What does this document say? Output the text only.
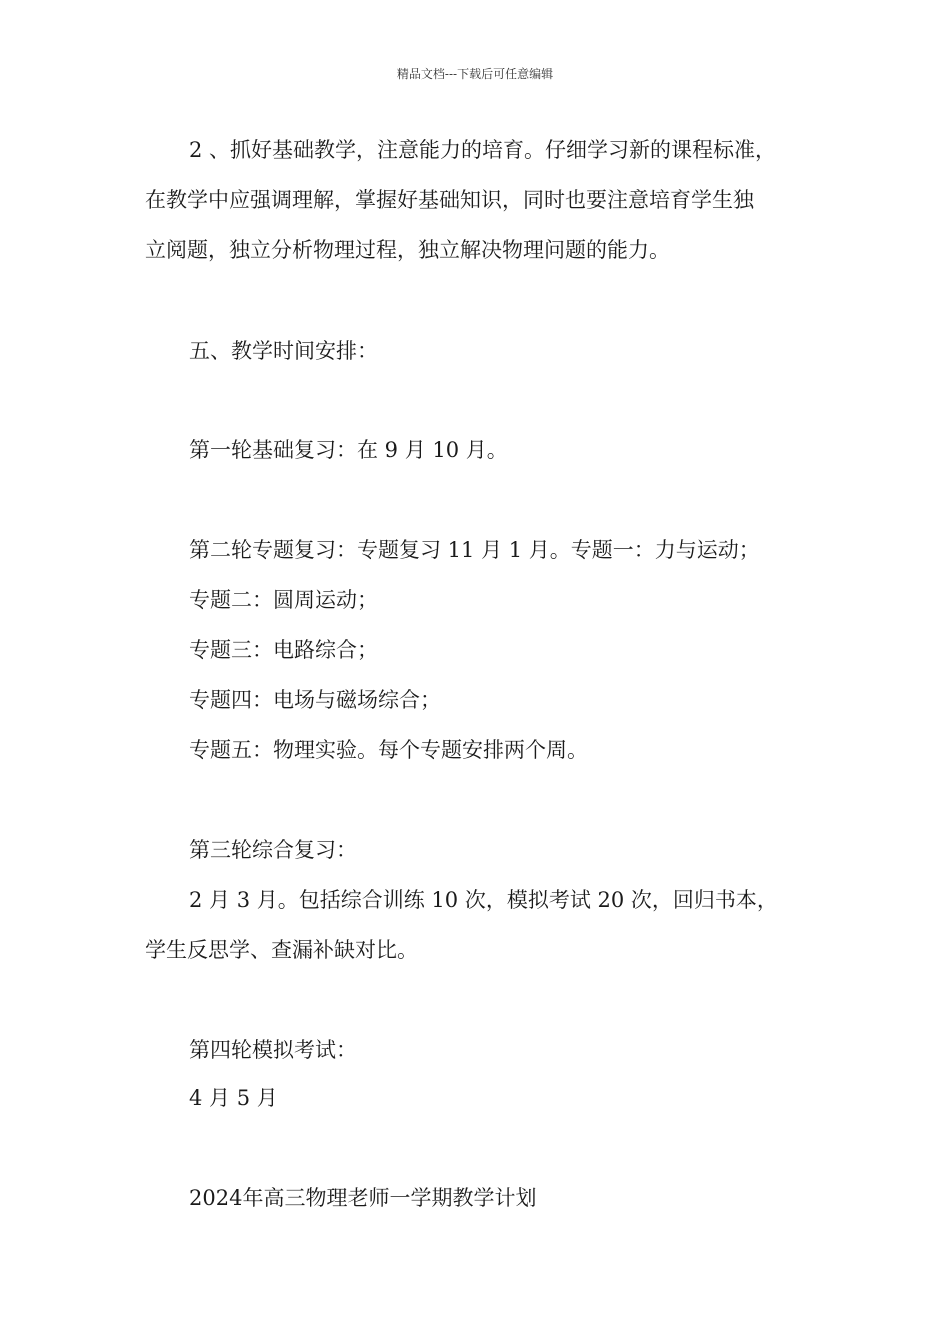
精品文档---下载后可任意编辑
2 、抓好基础教学，注意能力的培育。仔细学习新的课程标准，
在教学中应强调理解，掌握好基础知识，同时也要注意培育学生独
立阅题，独立分析物理过程，独立解决物理问题的能力。
五、教学时间安排：
第一轮基础复习：在 9 月 10 月。
第二轮专题复习：专题复习 11 月 1 月。专题一：力与运动；
专题二：圆周运动；
专题三：电路综合；
专题四：电场与磁场综合；
专题五：物理实验。每个专题安排两个周。
第三轮综合复习：
2 月 3 月。包括综合训练 10 次，模拟考试 20 次，回归书本，
学生反思学、查漏补缺对比。
第四轮模拟考试：
4 月 5 月
2024年高三物理老师一学期教学计划
